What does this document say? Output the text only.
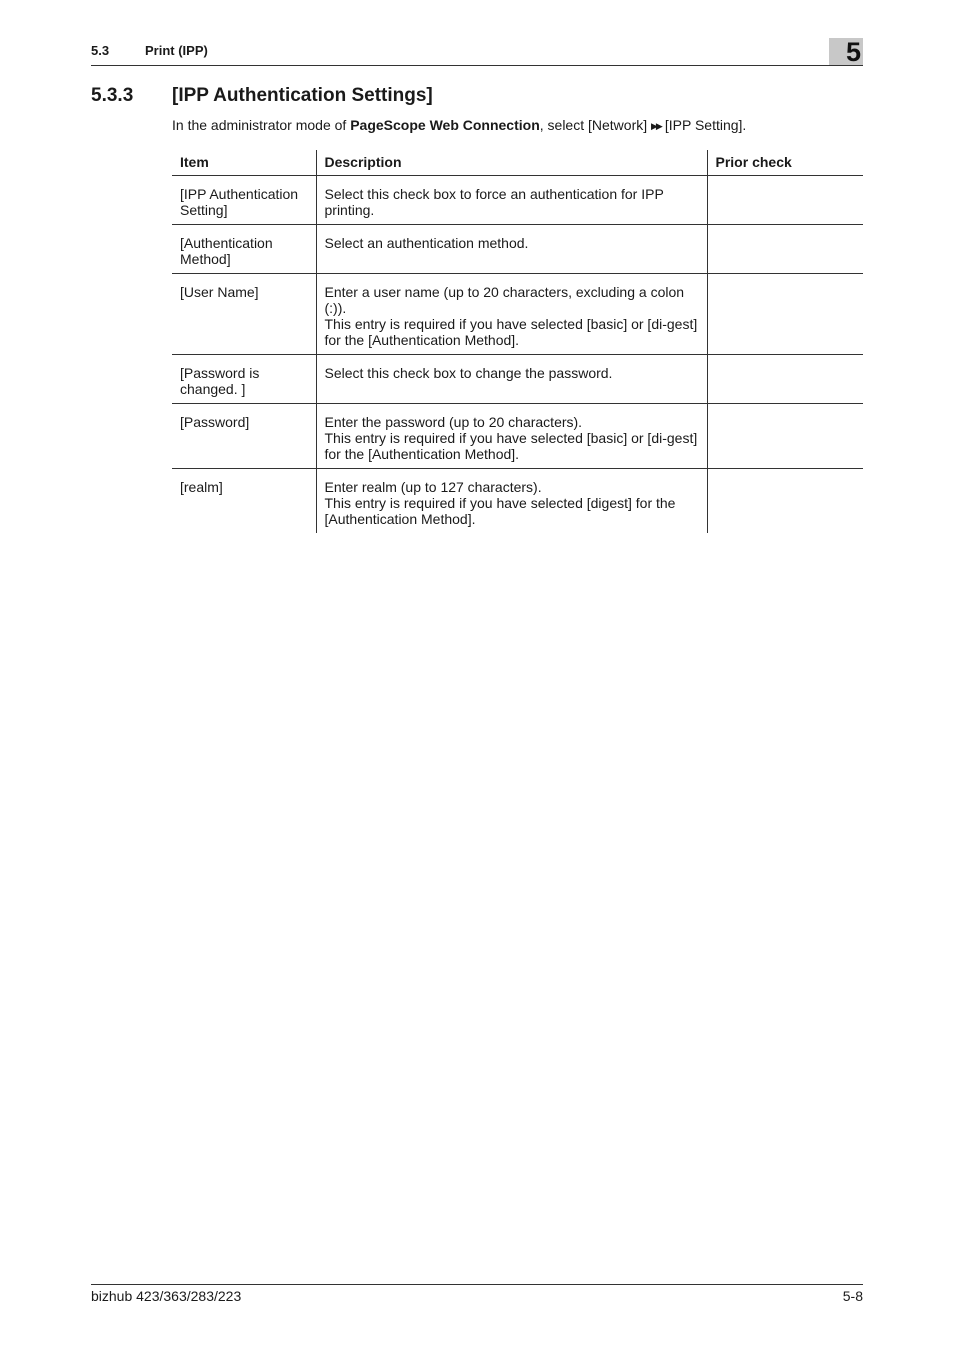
5.3	Print (IPP)	5
5.3.3 [IPP Authentication Settings]
In the administrator mode of PageScope Web Connection, select [Network] ▶▶ [IPP Setting].
Item	Description	Prior check
[IPP Authentication Setting]	Select this check box to force an authentication for IPP printing.	

[Authentication Method]	Select an authentication method.	

[User Name]	Enter a user name (up to 20 characters, excluding a colon (:)).
This entry is required if you have selected [basic] or [di-gest] for the [Authentication Method].	

[Password is changed. ]	Select this check box to change the password.	

[Password]	Enter the password (up to 20 characters).
This entry is required if you have selected [basic] or [di-gest] for the [Authentication Method].	

[realm]	Enter realm (up to 127 characters).
This entry is required if you have selected [digest] for the [Authentication Method].	

bizhub 423/363/283/223	5-8
